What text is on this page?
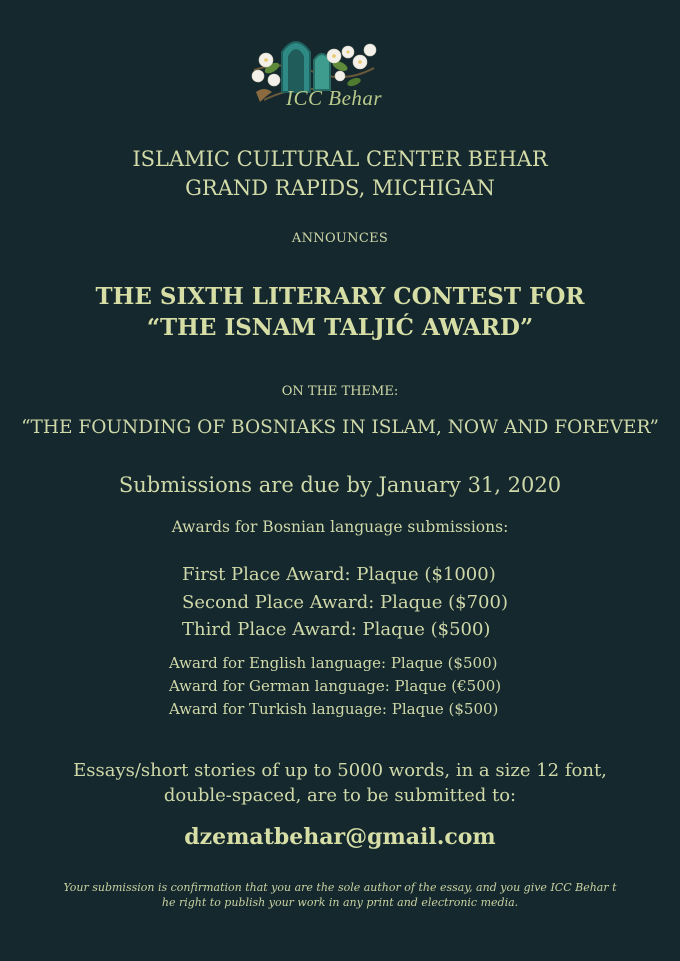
ICC Behar
ISLAMIC CULTURAL CENTER BEHAR
GRAND RAPIDS, MICHIGAN
ANNOUNCES
THE SIXTH LITERARY CONTEST FOR
“THE ISNAM TALJIĆ AWARD”
ON THE THEME:
“THE FOUNDING OF BOSNIAKS IN ISLAM, NOW AND FOREVER”
Submissions are due by January 31, 2020
Awards for Bosnian language submissions:
First Place Award: Plaque ($1000)
Second Place Award: Plaque ($700)
Third Place Award: Plaque ($500)
Award for English language: Plaque ($500)
Award for German language: Plaque (€500)
Award for Turkish language: Plaque ($500)
Essays/short stories of up to 5000 words, in a size 12 font,
double-spaced, are to be submitted to:
dzematbehar@gmail.com
Your submission is confirmation that you are the sole author of the essay, and you give ICC Behar t
he right to publish your work in any print and electronic media.
